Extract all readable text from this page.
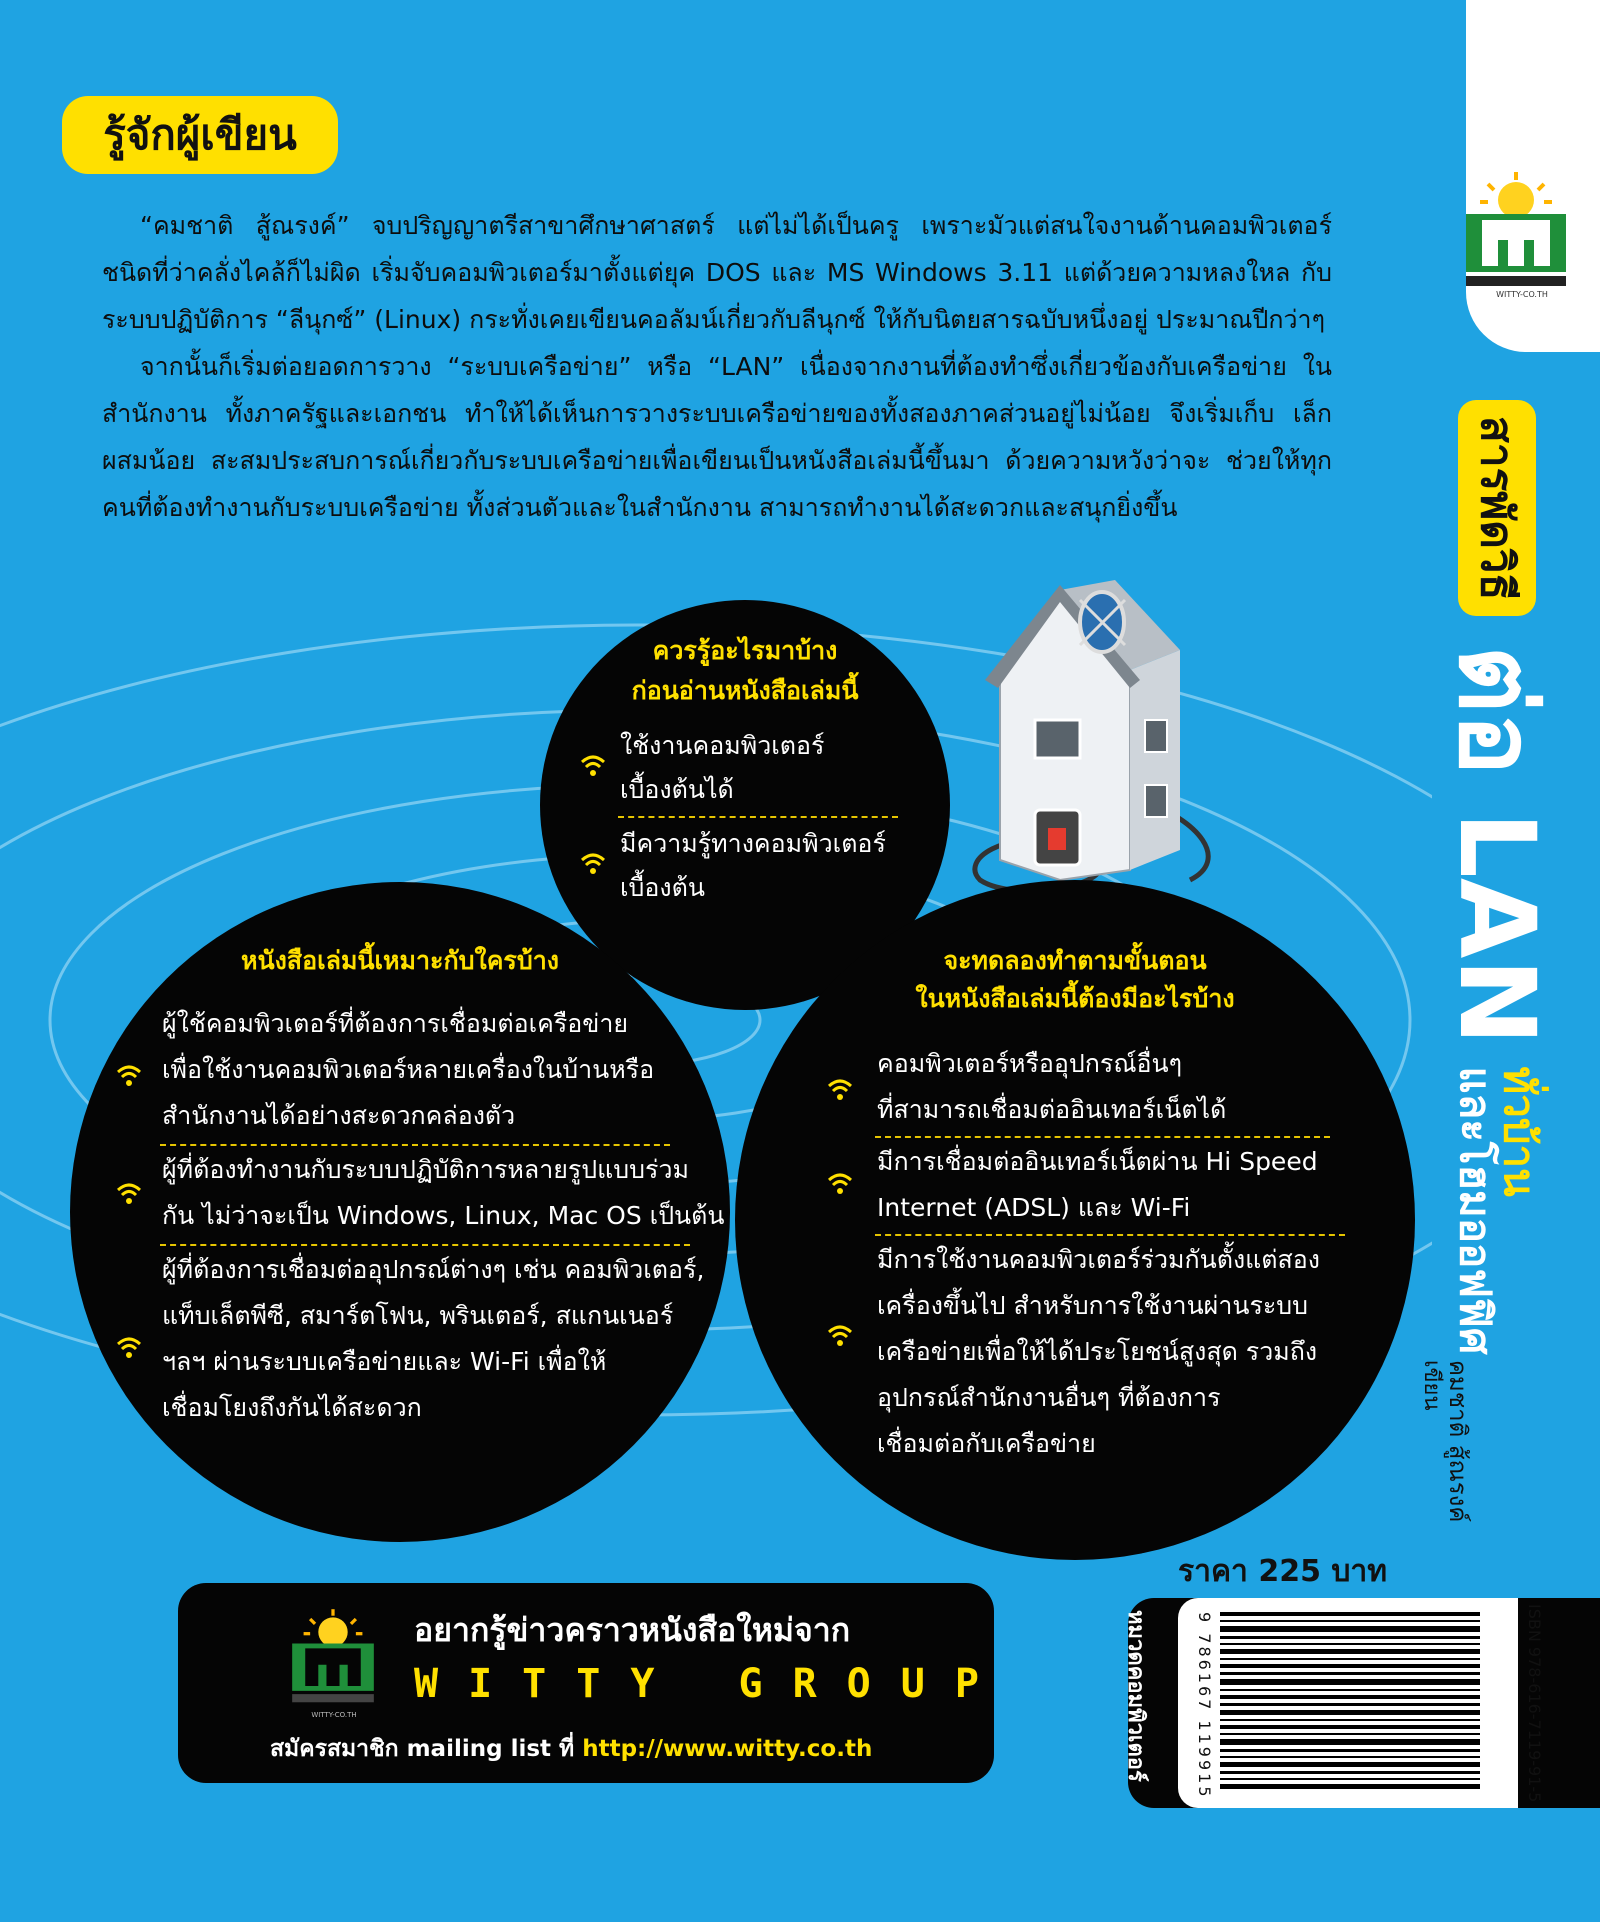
รู้จักผู้เขียน

“คมชาติ สู้ณรงค์” จบปริญญาตรีสาขาศึกษาศาสตร์ แต่ไม่ได้เป็นครู เพราะมัวแต่สนใจงานด้านคอมพิวเตอร์ ชนิดที่ว่าคลั่งไคล้ก็ไม่ผิด เริ่มจับคอมพิวเตอร์มาตั้งแต่ยุค DOS และ MS Windows 3.11 แต่ด้วยความหลงใหล กับระบบปฏิบัติการ “ลีนุกซ์” (Linux) กระทั่งเคยเขียนคอลัมน์เกี่ยวกับลีนุกซ์ ให้กับนิตยสารฉบับหนึ่งอยู่ ประมาณปีกว่าๆ

จากนั้นก็เริ่มต่อยอดการวาง “ระบบเครือข่าย” หรือ “LAN” เนื่องจากงานที่ต้องทำซึ่งเกี่ยวข้องกับเครือข่าย ในสำนักงาน ทั้งภาครัฐและเอกชน ทำให้ได้เห็นการวางระบบเครือข่ายของทั้งสองภาคส่วนอยู่ไม่น้อย จึงเริ่มเก็บ เล็กผสมน้อย สะสมประสบการณ์เกี่ยวกับระบบเครือข่ายเพื่อเขียนเป็นหนังสือเล่มนี้ขึ้นมา ด้วยความหวังว่าจะ ช่วยให้ทุกคนที่ต้องทำงานกับระบบเครือข่าย ทั้งส่วนตัวและในสำนักงาน สามารถทำงานได้สะดวกและสนุกยิ่งขึ้น

ควรรู้อะไรมาบ้าง
ก่อนอ่านหนังสือเล่มนี้
ใช้งานคอมพิวเตอร์
เบื้องต้นได้
มีความรู้ทางคอมพิวเตอร์
เบื้องต้น
หนังสือเล่มนี้เหมาะกับใครบ้าง
ผู้ใช้คอมพิวเตอร์ที่ต้องการเชื่อมต่อเครือข่าย
เพื่อใช้งานคอมพิวเตอร์หลายเครื่องในบ้านหรือ
สำนักงานได้อย่างสะดวกคล่องตัว
ผู้ที่ต้องทำงานกับระบบปฏิบัติการหลายรูปแบบร่วม
กัน ไม่ว่าจะเป็น Windows, Linux, Mac OS เป็นต้น
ผู้ที่ต้องการเชื่อมต่ออุปกรณ์ต่างๆ เช่น คอมพิวเตอร์,
แท็บเล็ตพีซี, สมาร์ตโฟน, พรินเตอร์, สแกนเนอร์
ฯลฯ ผ่านระบบเครือข่ายและ Wi-Fi เพื่อให้
เชื่อมโยงถึงกันได้สะดวก
จะทดลองทำตามขั้นตอน
ในหนังสือเล่มนี้ต้องมีอะไรบ้าง
คอมพิวเตอร์หรืออุปกรณ์อื่นๆ
ที่สามารถเชื่อมต่ออินเทอร์เน็ตได้
มีการเชื่อมต่ออินเทอร์เน็ตผ่าน Hi Speed
Internet (ADSL) และ Wi-Fi
มีการใช้งานคอมพิวเตอร์ร่วมกันตั้งแต่สอง
เครื่องขึ้นไป สำหรับการใช้งานผ่านระบบ
เครือข่ายเพื่อให้ได้ประโยชน์สูงสุด รวมถึง
อุปกรณ์สำนักงานอื่นๆ ที่ต้องการ
เชื่อมต่อกับเครือข่าย
WITTY-CO.TH
สารพัดวิธี ต่อ LAN
ทั่วบ้าน
และโฮมออฟฟิศ
คมชาติ สู้ณรงค์
เขียน
ราคา 225 บาท
หมวดคอมพิวเตอร์	ISBN 978-616-7119-91-5
9 786167 119915
WITTY-CO.TH
อยากรู้ข่าวคราวหนังสือใหม่จาก
WITTY GROUP
สมัครสมาชิก mailing list ที่ http://www.witty.co.th
